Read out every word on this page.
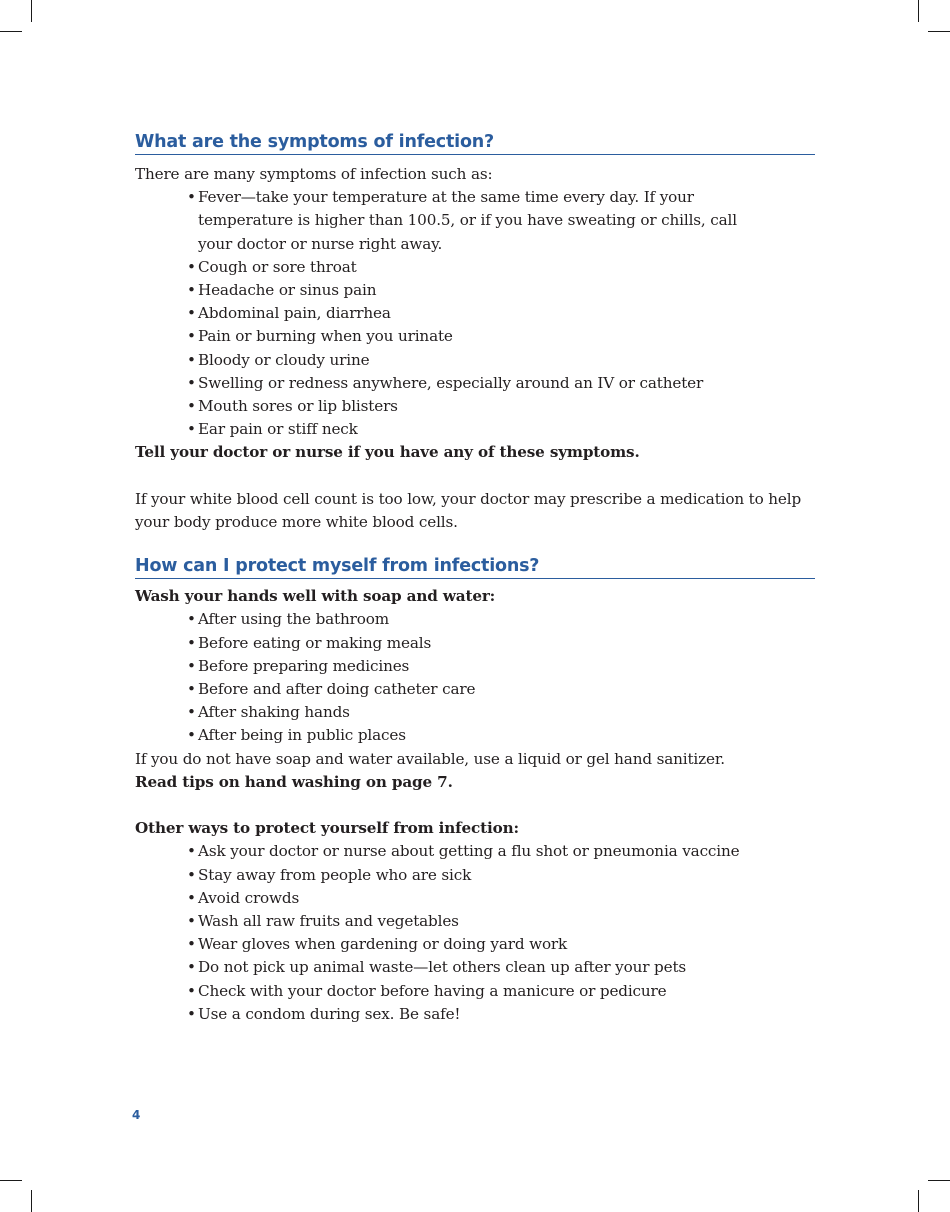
What are the symptoms of infection?

There are many symptoms of infection such as:

• Fever—take your temperature at the same time every day. If your temperature is higher than 100.5, or if you have sweating or chills, call your doctor or nurse right away.
• Cough or sore throat
• Headache or sinus pain
• Abdominal pain, diarrhea
• Pain or burning when you urinate
• Bloody or cloudy urine
• Swelling or redness anywhere, especially around an IV or catheter
• Mouth sores or lip blisters
• Ear pain or stiff neck

Tell your doctor or nurse if you have any of these symptoms.

If your white blood cell count is too low, your doctor may prescribe a medication to help your body produce more white blood cells.

How can I protect myself from infections?

Wash your hands well with soap and water:

• After using the bathroom
• Before eating or making meals
• Before preparing medicines
• Before and after doing catheter care
• After shaking hands
• After being in public places

If you do not have soap and water available, use a liquid or gel hand sanitizer.

Read tips on hand washing on page 7.

Other ways to protect yourself from infection:

• Ask your doctor or nurse about getting a flu shot or pneumonia vaccine
• Stay away from people who are sick
• Avoid crowds
• Wash all raw fruits and vegetables
• Wear gloves when gardening or doing yard work
• Do not pick up animal waste—let others clean up after your pets
• Check with your doctor before having a manicure or pedicure
• Use a condom during sex. Be safe!
4
